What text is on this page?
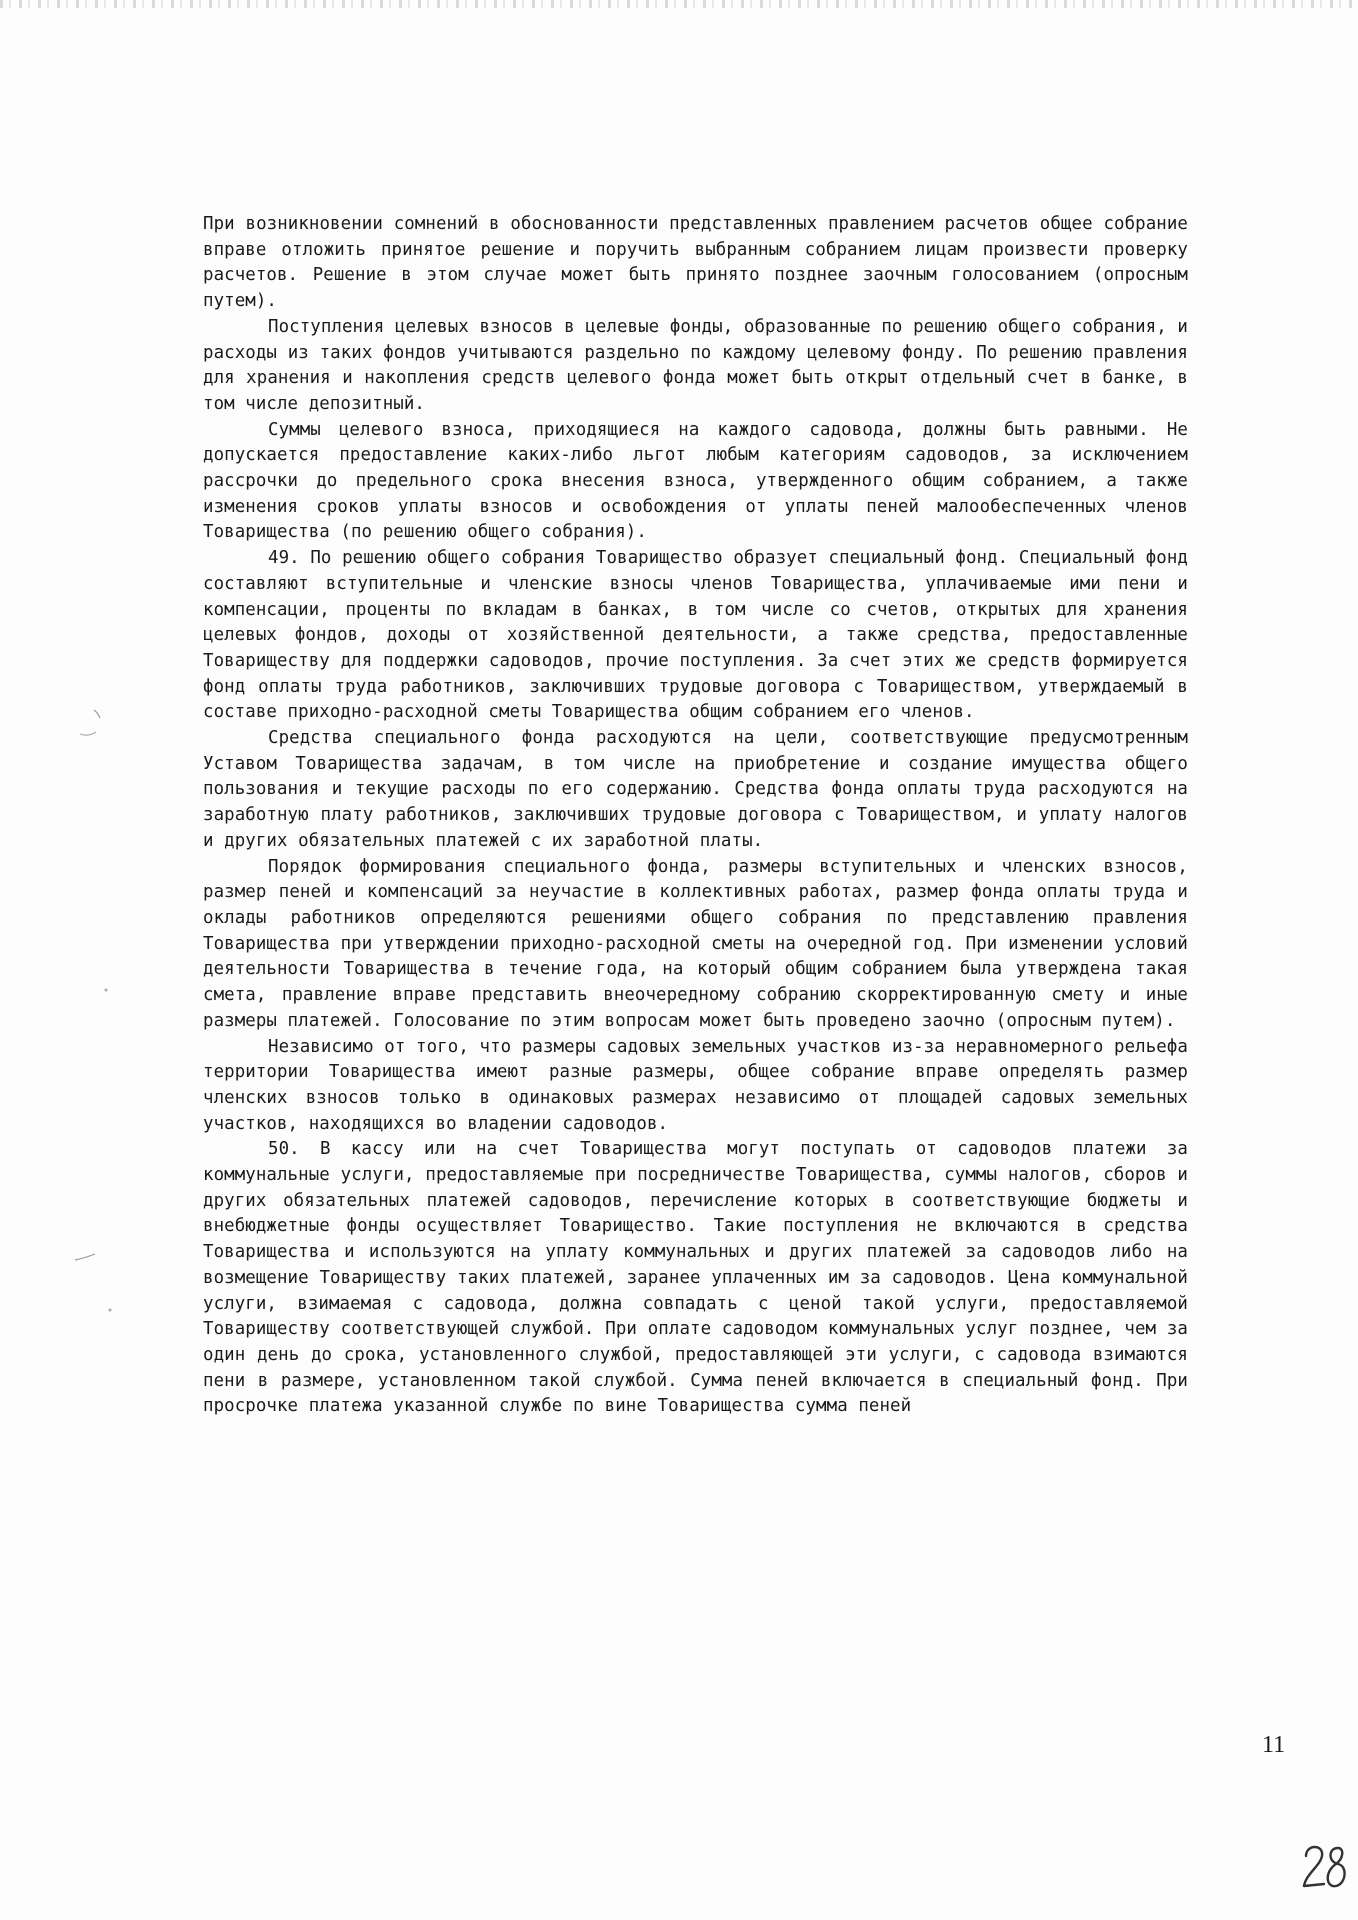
При возникновении сомнений в обоснованности представленных правлением расчетов общее собрание вправе отложить принятое решение и поручить выбранным собранием лицам произвести проверку расчетов. Решение в этом случае может быть принято позднее заочным голосованием (опросным путем).

Поступления целевых взносов в целевые фонды, образованные по решению общего собрания, и расходы из таких фондов учитываются раздельно по каждому целевому фонду. По решению правления для хранения и накопления средств целевого фонда может быть открыт отдельный счет в банке, в том числе депозитный.

Суммы целевого взноса, приходящиеся на каждого садовода, должны быть равными. Не допускается предоставление каких-либо льгот любым категориям садоводов, за исключением рассрочки до предельного срока внесения взноса, утвержденного общим собранием, а также изменения сроков уплаты взносов и освобождения от уплаты пеней малообеспеченных членов Товарищества (по решению общего собрания).

49. По решению общего собрания Товарищество образует специальный фонд. Специальный фонд составляют вступительные и членские взносы членов Товарищества, уплачиваемые ими пени и компенсации, проценты по вкладам в банках, в том числе со счетов, открытых для хранения целевых фондов, доходы от хозяйственной деятельности, а также средства, предоставленные Товариществу для поддержки садоводов, прочие поступления. За счет этих же средств формируется фонд оплаты труда работников, заключивших трудовые договора с Товариществом, утверждаемый в составе приходно-расходной сметы Товарищества общим собранием его членов.

Средства специального фонда расходуются на цели, соответствующие предусмотренным Уставом Товарищества задачам, в том числе на приобретение и создание имущества общего пользования и текущие расходы по его содержанию. Средства фонда оплаты труда расходуются на заработную плату работников, заключивших трудовые договора с Товариществом, и уплату налогов и других обязательных платежей с их заработной платы.

Порядок формирования специального фонда, размеры вступительных и членских взносов, размер пеней и компенсаций за неучастие в коллективных работах, размер фонда оплаты труда и оклады работников определяются решениями общего собрания по представлению правления Товарищества при утверждении приходно-расходной сметы на очередной год. При изменении условий деятельности Товарищества в течение года, на который общим собранием была утверждена такая смета, правление вправе представить внеочередному собранию скорректированную смету и иные размеры платежей. Голосование по этим вопросам может быть проведено заочно (опросным путем).

Независимо от того, что размеры садовых земельных участков из-за неравномерного рельефа территории Товарищества имеют разные размеры, общее собрание вправе определять размер членских взносов только в одинаковых размерах независимо от площадей садовых земельных участков, находящихся во владении садоводов.

50. В кассу или на счет Товарищества могут поступать от садоводов платежи за коммунальные услуги, предоставляемые при посредничестве Товарищества, суммы налогов, сборов и других обязательных платежей садоводов, перечисление которых в соответствующие бюджеты и внебюджетные фонды осуществляет Товарищество. Такие поступления не включаются в средства Товарищества и используются на уплату коммунальных и других платежей за садоводов либо на возмещение Товариществу таких платежей, заранее уплаченных им за садоводов. Цена коммунальной услуги, взимаемая с садовода, должна совпадать с ценой такой услуги, предоставляемой Товариществу соответствующей службой. При оплате садоводом коммунальных услуг позднее, чем за один день до срока, установленного службой, предоставляющей эти услуги, с садовода взимаются пени в размере, установленном такой службой. Сумма пеней включается в специальный фонд. При просрочке платежа указанной службе по вине Товарищества сумма пеней

11
